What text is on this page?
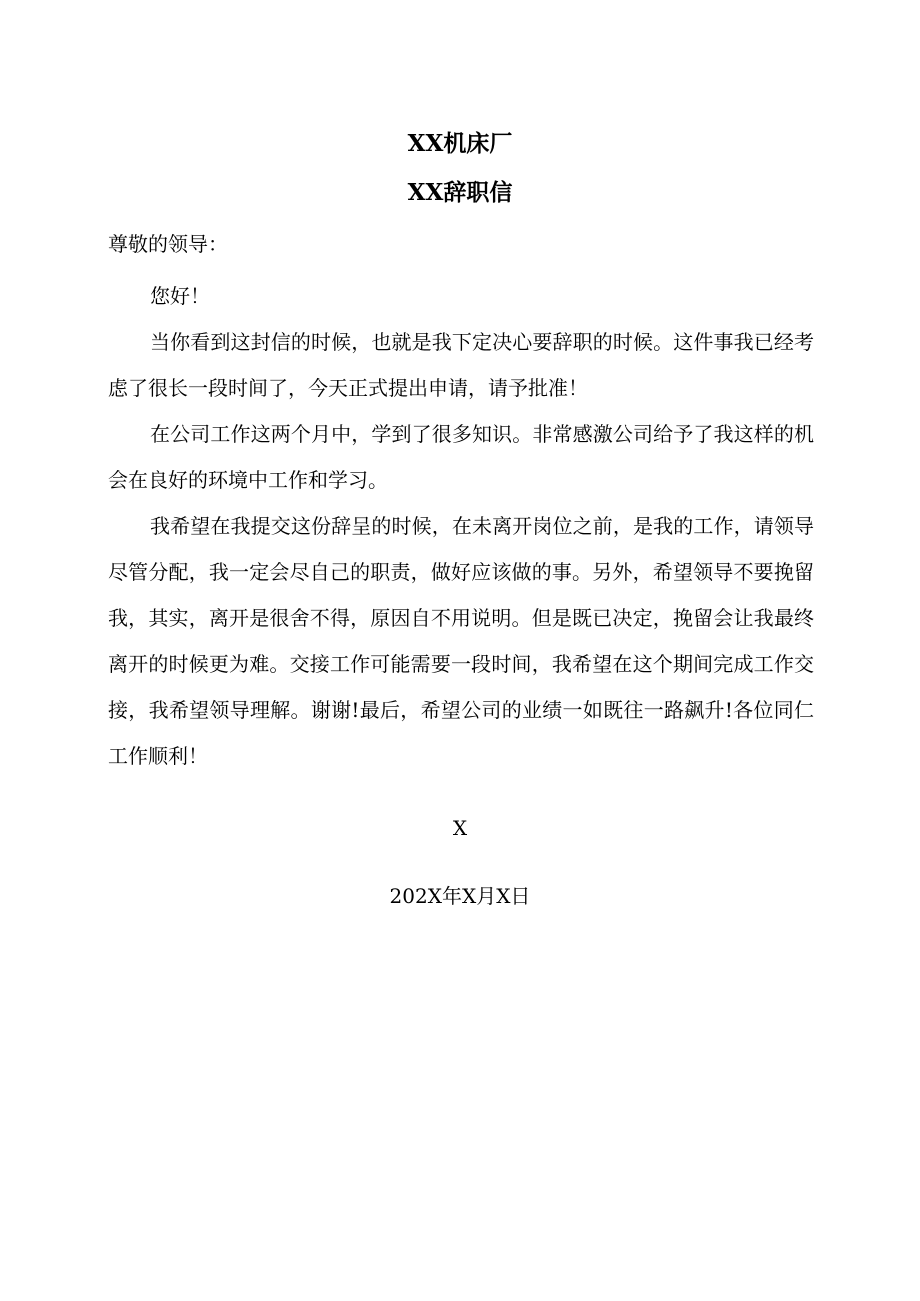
XX机床厂
XX辞职信
尊敬的领导：

您好！

当你看到这封信的时候，也就是我下定决心要辞职的时候。这件事我已经考虑了很长一段时间了，今天正式提出申请，请予批准！

在公司工作这两个月中，学到了很多知识。非常感激公司给予了我这样的机会在良好的环境中工作和学习。

我希望在我提交这份辞呈的时候，在未离开岗位之前，是我的工作，请领导尽管分配，我一定会尽自己的职责，做好应该做的事。另外，希望领导不要挽留我，其实，离开是很舍不得，原因自不用说明。但是既已决定，挽留会让我最终离开的时候更为难。交接工作可能需要一段时间，我希望在这个期间完成工作交接，我希望领导理解。谢谢!最后，希望公司的业绩一如既往一路飙升!各位同仁工作顺利！

X
202X年X月X日
